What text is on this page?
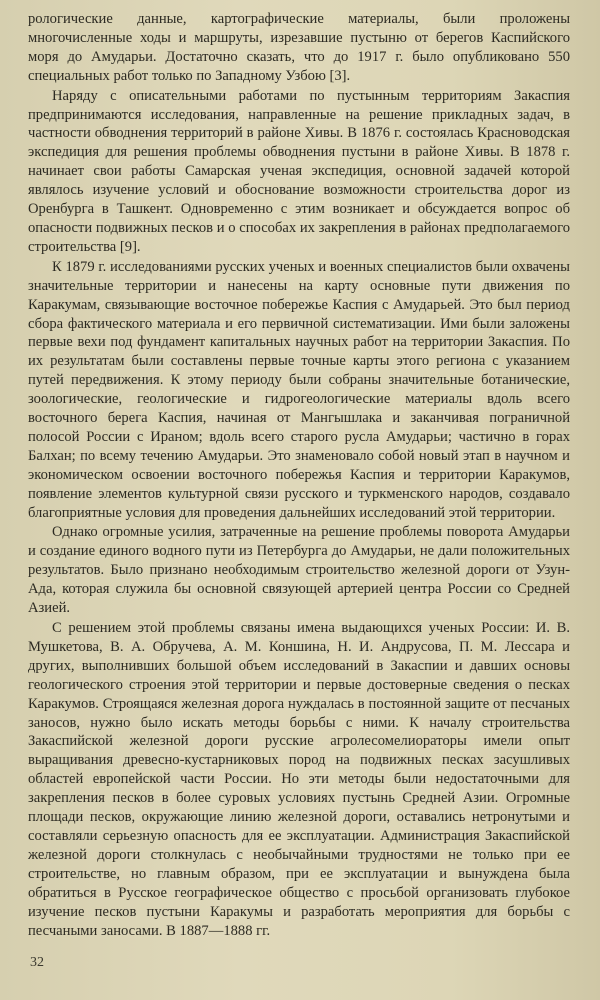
рологические данные, картографические материалы, были проложены многочисленные ходы и маршруты, изрезавшие пустыню от берегов Каспийского моря до Амударьи. Достаточно сказать, что до 1917 г. было опубликовано 550 специальных работ только по Западному Узбою [3].

Наряду с описательными работами по пустынным территориям Закаспия предпринимаются исследования, направленные на решение прикладных задач, в частности обводнения территорий в районе Хивы. В 1876 г. состоялась Красноводская экспедиция для решения проблемы обводнения пустыни в районе Хивы. В 1878 г. начинает свои работы Самарская ученая экспедиция, основной задачей которой являлось изучение условий и обоснование возможности строительства дорог из Оренбурга в Ташкент. Одновременно с этим возникает и обсуждается вопрос об опасности подвижных песков и о способах их закрепления в районах предполагаемого строительства [9].

К 1879 г. исследованиями русских ученых и военных специалистов были охвачены значительные территории и нанесены на карту основные пути движения по Каракумам, связывающие восточное побережье Каспия с Амударьей. Это был период сбора фактического материала и его первичной систематизации. Ими были заложены первые вехи под фундамент капитальных научных работ на территории Закаспия. По их результатам были составлены первые точные карты этого региона с указанием путей передвижения. К этому периоду были собраны значительные ботанические, зоологические, геологические и гидрогеологические материалы вдоль всего восточного берега Каспия, начиная от Мангышлака и заканчивая пограничной полосой России с Ираном; вдоль всего старого русла Амударьи; частично в горах Балхан; по всему течению Амударьи. Это знаменовало собой новый этап в научном и экономическом освоении восточного побережья Каспия и территории Каракумов, появление элементов культурной связи русского и туркменского народов, создавало благоприятные условия для проведения дальнейших исследований этой территории.

Однако огромные усилия, затраченные на решение проблемы поворота Амударьи и создание единого водного пути из Петербурга до Амударьи, не дали положительных результатов. Было признано необходимым строительство железной дороги от Узун-Ада, которая служила бы основной связующей артерией центра России со Средней Азией.

С решением этой проблемы связаны имена выдающихся ученых России: И. В. Мушкетова, В. А. Обручева, А. М. Коншина, Н. И. Андрусова, П. М. Лессара и других, выполнивших большой объем исследований в Закаспии и давших основы геологического строения этой территории и первые достоверные сведения о песках Каракумов. Строящаяся железная дорога нуждалась в постоянной защите от песчаных заносов, нужно было искать методы борьбы с ними. К началу строительства Закаспийской железной дороги русские агролесомелиораторы имели опыт выращивания древесно-кустарниковых пород на подвижных песках засушливых областей европейской части России. Но эти методы были недостаточными для закрепления песков в более суровых условиях пустынь Средней Азии. Огромные площади песков, окружающие линию железной дороги, оставались нетронутыми и составляли серьезную опасность для ее эксплуатации. Администрация Закаспийской железной дороги столкнулась с необычайными трудностями не только при ее строительстве, но главным образом, при ее эксплуатации и вынуждена была обратиться в Русское географическое общество с просьбой организовать глубокое изучение песков пустыни Каракумы и разработать мероприятия для борьбы с песчаными заносами. В 1887—1888 гг.

32
